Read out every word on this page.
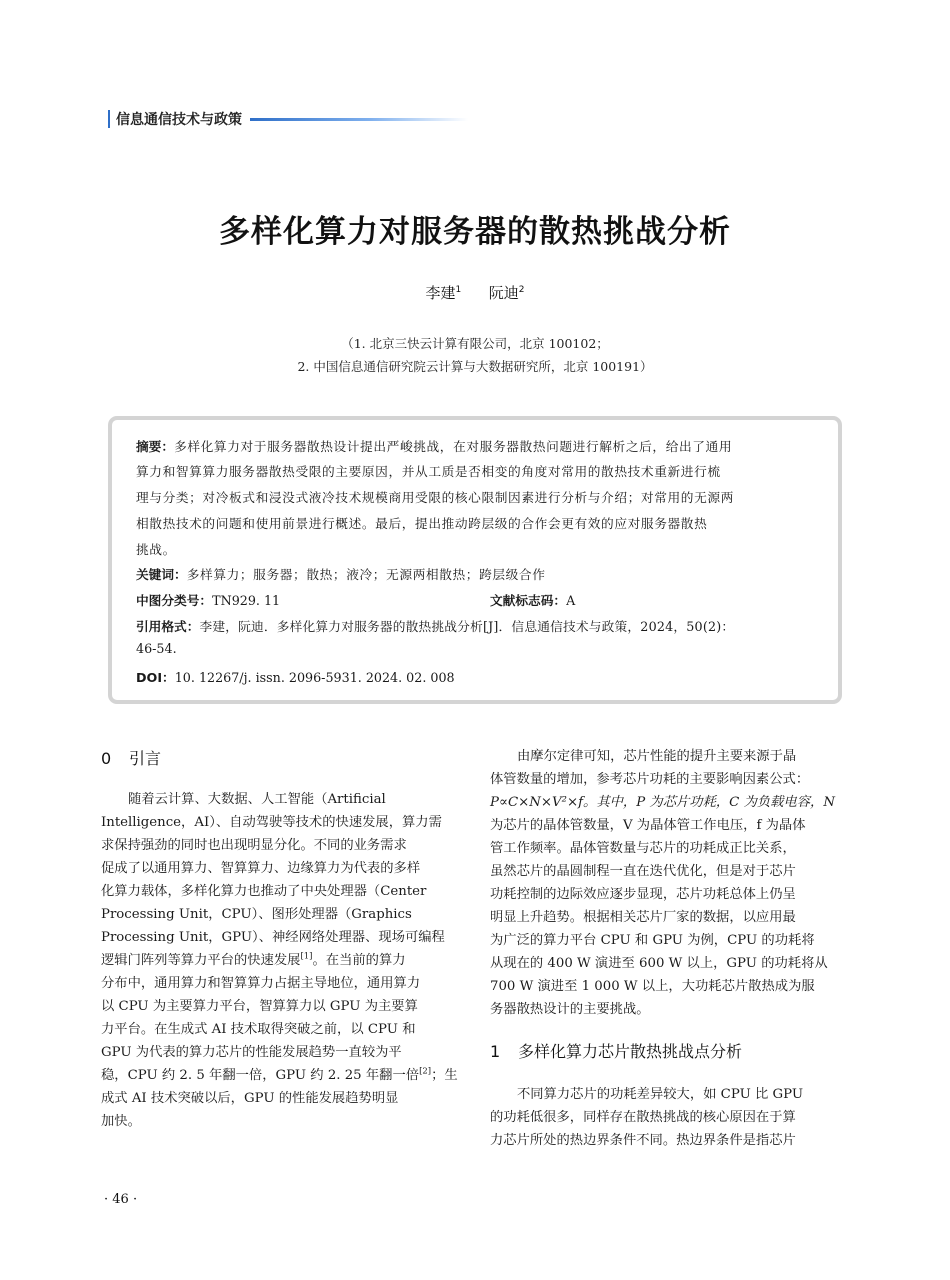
信息通信技术与政策
多样化算力对服务器的散热挑战分析
李建$^1$ 阮迪$^2$
（1. 北京三快云计算有限公司，北京 100102；
2. 中国信息通信研究院云计算与大数据研究所，北京 100191）
摘要：多样化算力对于服务器散热设计提出严峻挑战，在对服务器散热问题进行解析之后，给出了通用
算力和智算算力服务器散热受限的主要原因，并从工质是否相变的角度对常用的散热技术重新进行梳
理与分类；对冷板式和浸没式液冷技术规模商用受限的核心限制因素进行分析与介绍；对常用的无源两
相散热技术的问题和使用前景进行概述。最后，提出推动跨层级的合作会更有效的应对服务器散热
挑战。
关键词：多样算力；服务器；散热；液冷；无源两相散热；跨层级合作
中图分类号：TN929. 11	文献标志码：A
引用格式：李建，阮迪．多样化算力对服务器的散热挑战分析[J]．信息通信技术与政策，2024，50(2)：
46-54.
DOI：10. 12267/j. issn. 2096-5931. 2024. 02. 008
0 引言
随着云计算、大数据、人工智能（Artificial
Intelligence，AI）、自动驾驶等技术的快速发展，算力需
求保持强劲的同时也出现明显分化。不同的业务需求
促成了以通用算力、智算算力、边缘算力为代表的多样
化算力载体，多样化算力也推动了中央处理器（Center
Processing Unit，CPU）、图形处理器（Graphics
Processing Unit，GPU）、神经网络处理器、现场可编程
逻辑门阵列等算力平台的快速发展[1]。在当前的算力
分布中，通用算力和智算算力占据主导地位，通用算力
以 CPU 为主要算力平台，智算算力以 GPU 为主要算
力平台。在生成式 AI 技术取得突破之前，以 CPU 和
GPU 为代表的算力芯片的性能发展趋势一直较为平
稳，CPU 约 2. 5 年翻一倍，GPU 约 2. 25 年翻一倍[2]；生
成式 AI 技术突破以后，GPU 的性能发展趋势明显
加快。
由摩尔定律可知，芯片性能的提升主要来源于晶
体管数量的增加，参考芯片功耗的主要影响因素公式：
P∝C×N×V²×f。其中，P 为芯片功耗，C 为负载电容，N
为芯片的晶体管数量，V 为晶体管工作电压，f 为晶体
管工作频率。晶体管数量与芯片的功耗成正比关系，
虽然芯片的晶圆制程一直在迭代优化，但是对于芯片
功耗控制的边际效应逐步显现，芯片功耗总体上仍呈
明显上升趋势。根据相关芯片厂家的数据，以应用最
为广泛的算力平台 CPU 和 GPU 为例，CPU 的功耗将
从现在的 400 W 演进至 600 W 以上，GPU 的功耗将从
700 W 演进至 1 000 W 以上，大功耗芯片散热成为服
务器散热设计的主要挑战。
1 多样化算力芯片散热挑战点分析
不同算力芯片的功耗差异较大，如 CPU 比 GPU
的功耗低很多，同样存在散热挑战的核心原因在于算
力芯片所处的热边界条件不同。热边界条件是指芯片
· 46 ·
